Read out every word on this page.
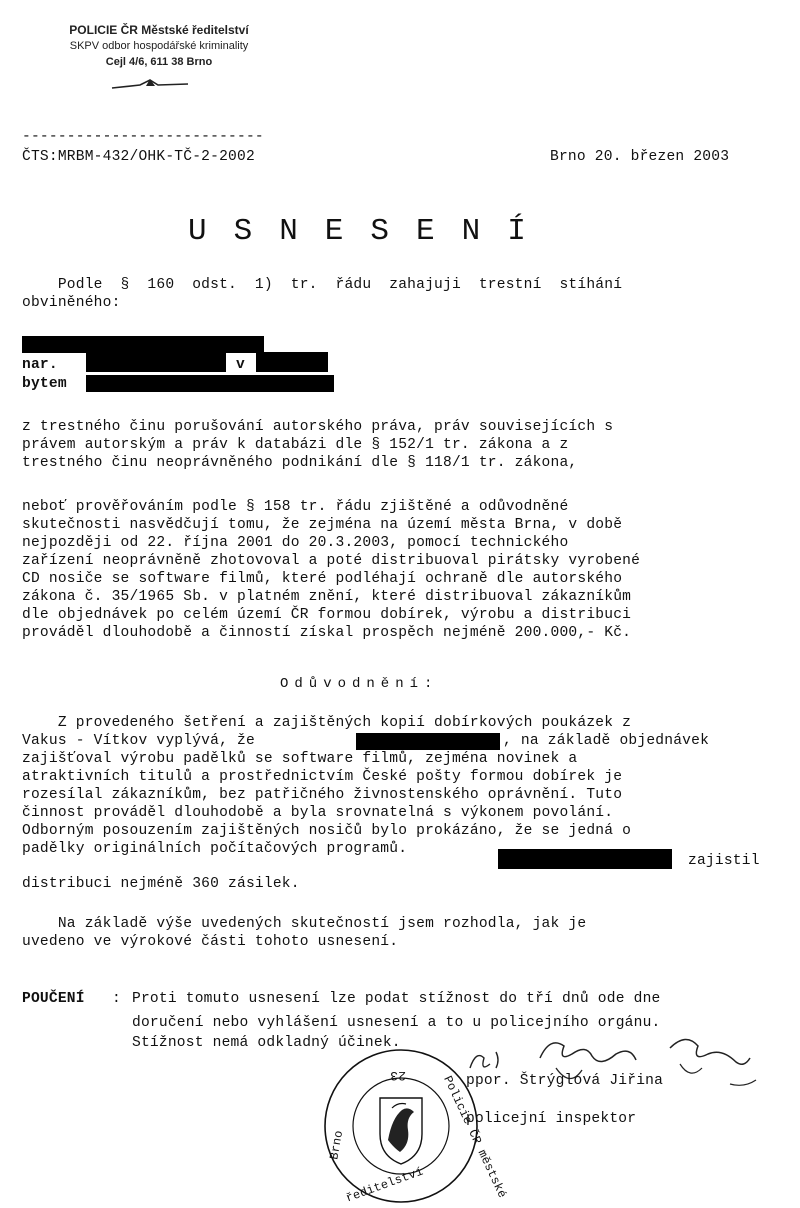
POLICIE ČR Městské ředitelství
SKPV odbor hospodářské kriminality
Cejl 4/6, 611 38 Brno
---------------------------
ČTS:MRBM-432/OHK-TČ-2-2002	Brno 20. březen 2003
USNESENÍ
Podle  §  160  odst.  1)  tr.  řádu  zahajuji  trestní  stíhání
obviněného:
nar.	v
bytem
z trestného činu porušování autorského práva, práv souvisejících s
právem autorským a práv k databázi dle § 152/1 tr. zákona a z
trestného činu neoprávněného podnikání dle § 118/1 tr. zákona,
neboť prověřováním podle § 158 tr. řádu zjištěné a odůvodněné
skutečnosti nasvědčují tomu, že zejména na území města Brna, v době
nejpozději od 22. října 2001 do 20.3.2003, pomocí technického
zařízení neoprávněně zhotovoval a poté distribuoval pirátsky vyrobené
CD nosiče se software filmů, které podléhají ochraně dle autorského
zákona č. 35/1965 Sb. v platném znění, které distribuoval zákazníkům
dle objednávek po celém území ČR formou dobírek, výrobu a distribuci
prováděl dlouhodobě a činností získal prospěch nejméně 200.000,- Kč.
Odůvodnění:
Z provedeného šetření a zajištěných kopií dobírkových poukázek z
Vakus - Vítkov vyplývá, že	, na základě objednávek
zajišťoval výrobu padělků se software filmů, zejména novinek a
atraktivních titulů a prostřednictvím České pošty formou dobírek je
rozesílal zákazníkům, bez patřičného živnostenského oprávnění. Tuto
činnost prováděl dlouhodobě a byla srovnatelná s výkonem povolání.
Odborným posouzením zajištěných nosičů bylo prokázáno, že se jedná o
padělky originálních počítačových programů.
zajistil
distribuci nejméně 360 zásilek.
Na základě výše uvedených skutečností jsem rozhodla, jak je
uvedeno ve výrokové části tohoto usnesení.
POUČENÍ : Proti tomuto usnesení lze podat stížnost do tří dnů ode dne
doručení nebo vyhlášení usnesení a to u policejního orgánu.
Stížnost nemá odkladný účinek.
23
Brno
ředitelství Policie ČR městské
ppor. Štrýglová Jiřina
policejní inspektor
